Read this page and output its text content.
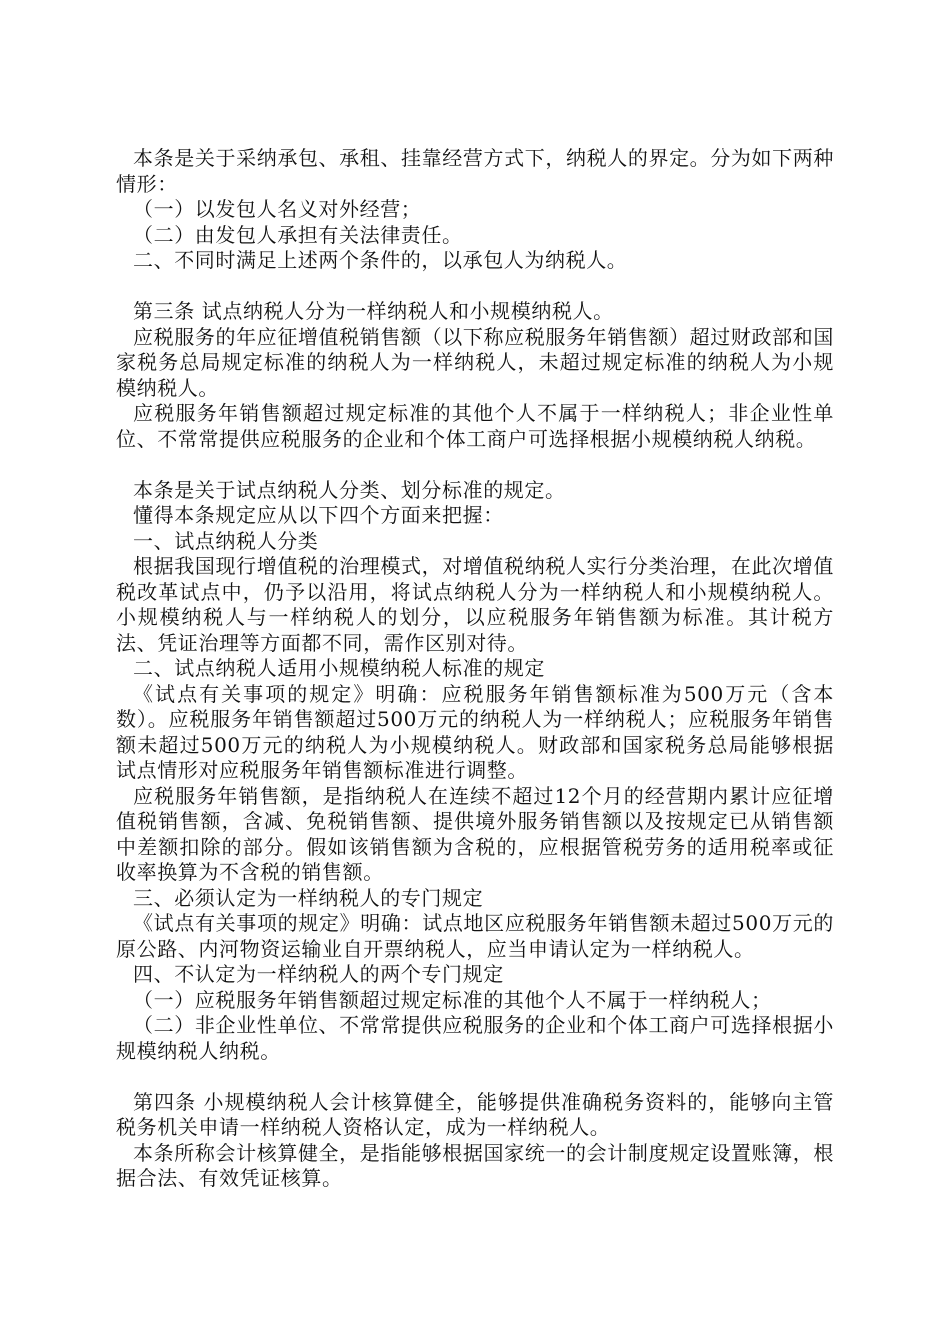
本条是关于采纳承包、承租、挂靠经营方式下，纳税人的界定。分为如下两种情形：

（一）以发包人名义对外经营；

（二）由发包人承担有关法律责任。

二、不同时满足上述两个条件的，以承包人为纳税人。

第三条 试点纳税人分为一样纳税人和小规模纳税人。

应税服务的年应征增值税销售额（以下称应税服务年销售额）超过财政部和国家税务总局规定标准的纳税人为一样纳税人，未超过规定标准的纳税人为小规模纳税人。

应税服务年销售额超过规定标准的其他个人不属于一样纳税人；非企业性单位、不常常提供应税服务的企业和个体工商户可选择根据小规模纳税人纳税。

本条是关于试点纳税人分类、划分标准的规定。

懂得本条规定应从以下四个方面来把握：

一、试点纳税人分类

根据我国现行增值税的治理模式，对增值税纳税人实行分类治理，在此次增值税改革试点中，仍予以沿用，将试点纳税人分为一样纳税人和小规模纳税人。小规模纳税人与一样纳税人的划分，以应税服务年销售额为标准。其计税方法、凭证治理等方面都不同，需作区别对待。

二、试点纳税人适用小规模纳税人标准的规定

《试点有关事项的规定》明确：应税服务年销售额标准为500万元（含本数）。应税服务年销售额超过500万元的纳税人为一样纳税人；应税服务年销售额未超过500万元的纳税人为小规模纳税人。财政部和国家税务总局能够根据试点情形对应税服务年销售额标准进行调整。

应税服务年销售额，是指纳税人在连续不超过12个月的经营期内累计应征增值税销售额，含减、免税销售额、提供境外服务销售额以及按规定已从销售额中差额扣除的部分。假如该销售额为含税的，应根据管税劳务的适用税率或征收率换算为不含税的销售额。

三、必须认定为一样纳税人的专门规定

《试点有关事项的规定》明确：试点地区应税服务年销售额未超过500万元的原公路、内河物资运输业自开票纳税人，应当申请认定为一样纳税人。

四、不认定为一样纳税人的两个专门规定

（一）应税服务年销售额超过规定标准的其他个人不属于一样纳税人；

（二）非企业性单位、不常常提供应税服务的企业和个体工商户可选择根据小规模纳税人纳税。

第四条 小规模纳税人会计核算健全，能够提供准确税务资料的，能够向主管税务机关申请一样纳税人资格认定，成为一样纳税人。

本条所称会计核算健全，是指能够根据国家统一的会计制度规定设置账簿，根据合法、有效凭证核算。
